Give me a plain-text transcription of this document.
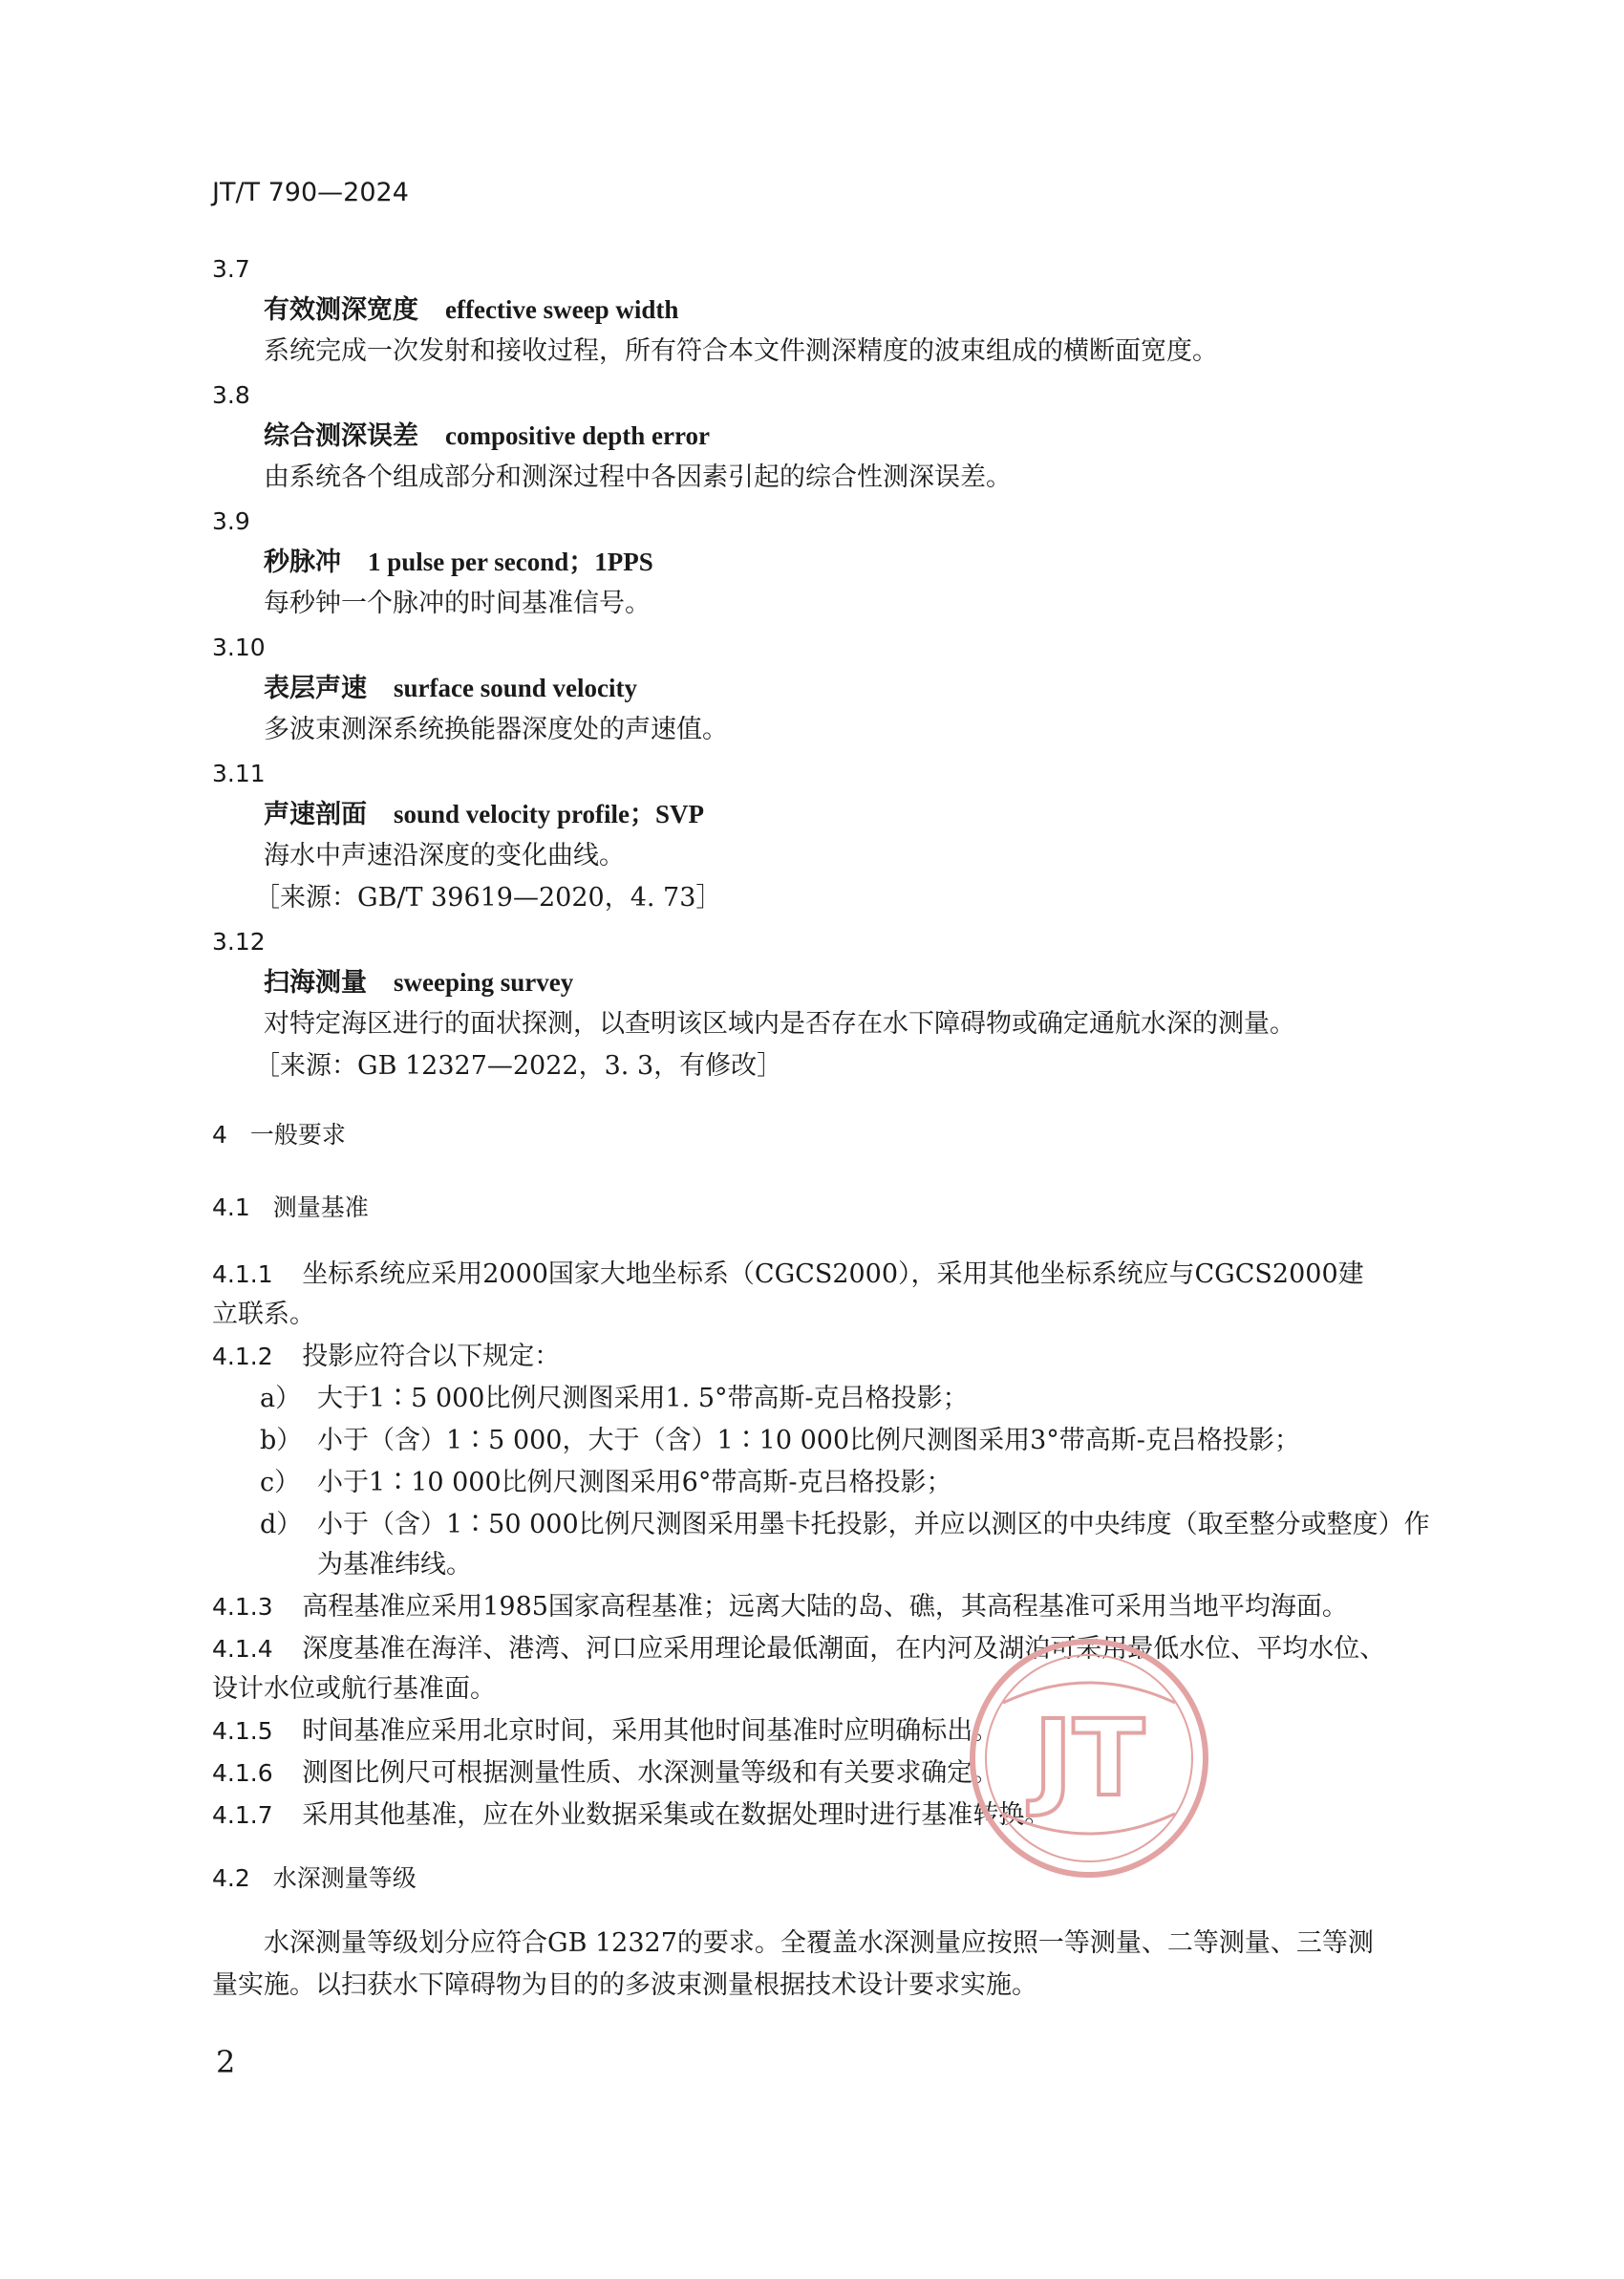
JT/T 790—2024
3.7
有效测深宽度 effective sweep width
系统完成一次发射和接收过程，所有符合本文件测深精度的波束组成的横断面宽度。
3.8
综合测深误差 compositive depth error
由系统各个组成部分和测深过程中各因素引起的综合性测深误差。
3.9
秒脉冲 1 pulse per second；1PPS
每秒钟一个脉冲的时间基准信号。
3.10
表层声速 surface sound velocity
多波束测深系统换能器深度处的声速值。
3.11
声速剖面 sound velocity profile；SVP
海水中声速沿深度的变化曲线。
［来源：GB/T 39619—2020，4. 73］
3.12
扫海测量 sweeping survey
对特定海区进行的面状探测，以查明该区域内是否存在水下障碍物或确定通航水深的测量。
［来源：GB 12327—2022，3. 3，有修改］
4 一般要求
4.1 测量基准
4.1.1 坐标系统应采用2000国家大地坐标系（CGCS2000），采用其他坐标系统应与CGCS2000建
立联系。
4.1.2 投影应符合以下规定：
a） 大于1∶5 000比例尺测图采用1. 5°带高斯-克吕格投影；
b） 小于（含）1∶5 000，大于（含）1∶10 000比例尺测图采用3°带高斯-克吕格投影；
c） 小于1∶10 000比例尺测图采用6°带高斯-克吕格投影；
d） 小于（含）1∶50 000比例尺测图采用墨卡托投影，并应以测区的中央纬度（取至整分或整度）作
为基准纬线。
4.1.3 高程基准应采用1985国家高程基准；远离大陆的岛、礁，其高程基准可采用当地平均海面。
4.1.4 深度基准在海洋、港湾、河口应采用理论最低潮面，在内河及湖泊可采用最低水位、平均水位、
设计水位或航行基准面。
4.1.5 时间基准应采用北京时间，采用其他时间基准时应明确标出。
4.1.6 测图比例尺可根据测量性质、水深测量等级和有关要求确定。
4.1.7 采用其他基准，应在外业数据采集或在数据处理时进行基准转换。
4.2 水深测量等级
水深测量等级划分应符合GB 12327的要求。全覆盖水深测量应按照一等测量、二等测量、三等测
量实施。以扫获水下障碍物为目的的多波束测量根据技术设计要求实施。
2
JT
